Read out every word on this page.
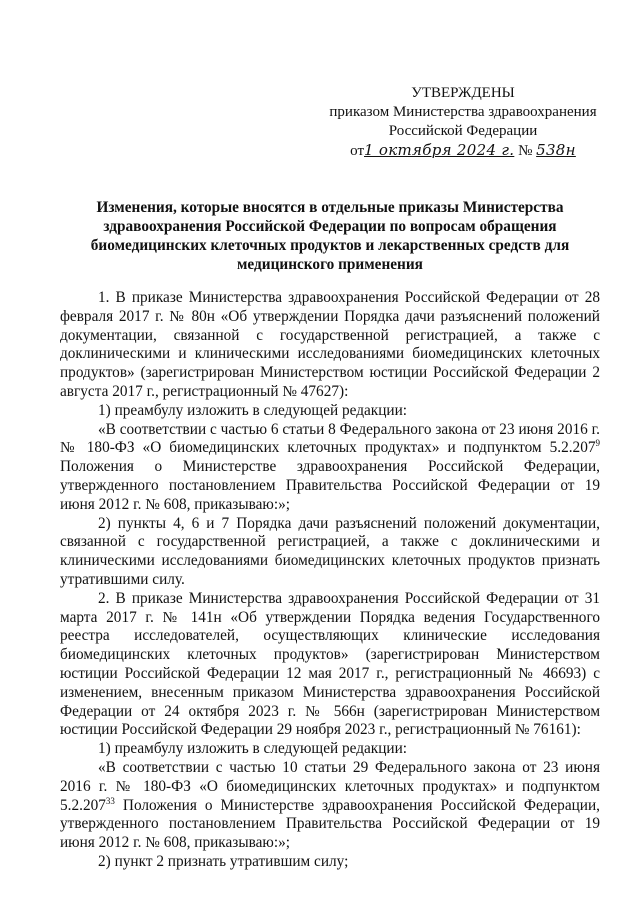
УТВЕРЖДЕНЫ
приказом Министерства здравоохранения
Российской Федерации
от1 октября 2024 г. № 538н
Изменения, которые вносятся в отдельные приказы Министерства здравоохранения Российской Федерации по вопросам обращения биомедицинских клеточных продуктов и лекарственных средств для медицинского применения

1. В приказе Министерства здравоохранения Российской Федерации от 28 февраля 2017 г. № 80н «Об утверждении Порядка дачи разъяснений положений документации, связанной с государственной регистрацией, а также с доклиническими и клиническими исследованиями биомедицинских клеточных продуктов» (зарегистрирован Министерством юстиции Российской Федерации 2 августа 2017 г., регистрационный № 47627):

1) преамбулу изложить в следующей редакции:

«В соответствии с частью 6 статьи 8 Федерального закона от 23 июня 2016 г. № 180-ФЗ «О биомедицинских клеточных продуктах» и подпунктом 5.2.207$^9$ Положения о Министерстве здравоохранения Российской Федерации, утвержденного постановлением Правительства Российской Федерации от 19 июня 2012 г. № 608, приказываю:»;

2) пункты 4, 6 и 7 Порядка дачи разъяснений положений документации, связанной с государственной регистрацией, а также с доклиническими и клиническими исследованиями биомедицинских клеточных продуктов признать утратившими силу.

2. В приказе Министерства здравоохранения Российской Федерации от 31 марта 2017 г. № 141н «Об утверждении Порядка ведения Государственного реестра исследователей, осуществляющих клинические исследования биомедицинских клеточных продуктов» (зарегистрирован Министерством юстиции Российской Федерации 12 мая 2017 г., регистрационный № 46693) с изменением, внесенным приказом Министерства здравоохранения Российской Федерации от 24 октября 2023 г. № 566н (зарегистрирован Министерством юстиции Российской Федерации 29 ноября 2023 г., регистрационный № 76161):

1) преамбулу изложить в следующей редакции:

«В соответствии с частью 10 статьи 29 Федерального закона от 23 июня 2016 г. № 180-ФЗ «О биомедицинских клеточных продуктах» и подпунктом 5.2.207$^{33}$ Положения о Министерстве здравоохранения Российской Федерации, утвержденного постановлением Правительства Российской Федерации от 19 июня 2012 г. № 608, приказываю:»;

2) пункт 2 признать утратившим силу;
